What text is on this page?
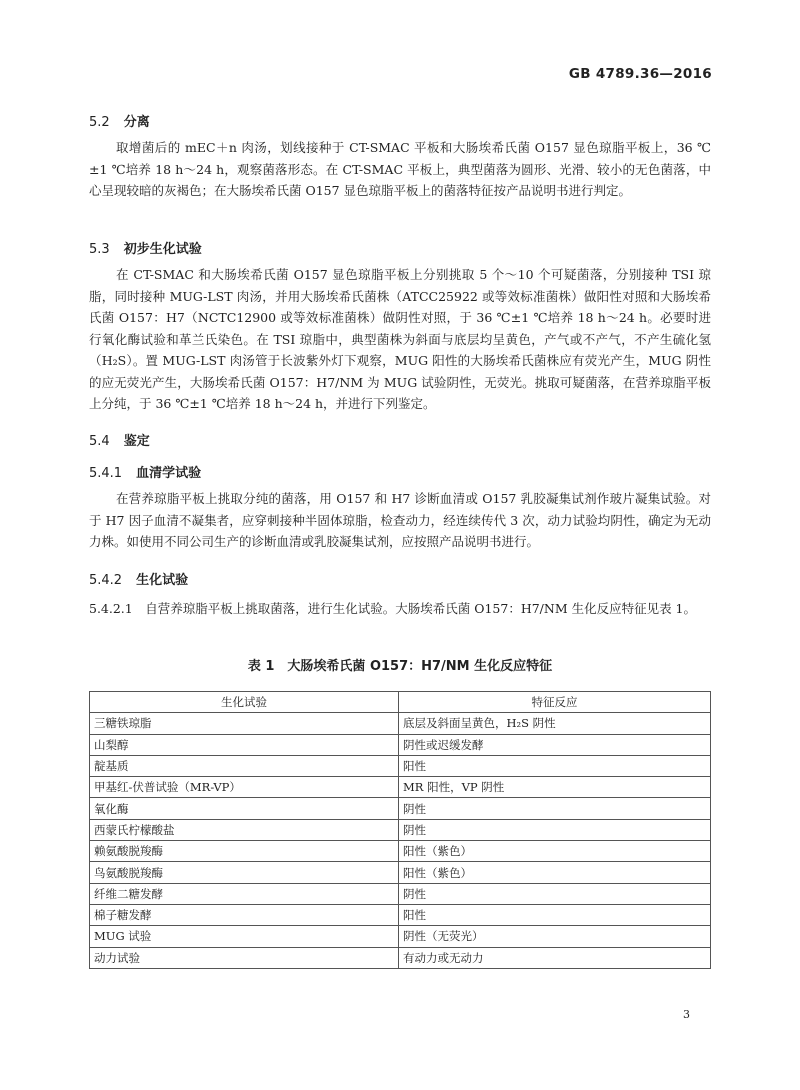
GB 4789.36—2016
5.2 分离
取增菌后的 mEC＋n 肉汤，划线接种于 CT-SMAC 平板和大肠埃希氏菌 O157 显色琼脂平板上，36 ℃±1 ℃培养 18 h～24 h，观察菌落形态。在 CT-SMAC 平板上，典型菌落为圆形、光滑、较小的无色菌落，中心呈现较暗的灰褐色；在大肠埃希氏菌 O157 显色琼脂平板上的菌落特征按产品说明书进行判定。
5.3 初步生化试验
在 CT-SMAC 和大肠埃希氏菌 O157 显色琼脂平板上分别挑取 5 个～10 个可疑菌落，分别接种 TSI 琼脂，同时接种 MUG-LST 肉汤，并用大肠埃希氏菌株（ATCC25922 或等效标准菌株）做阳性对照和大肠埃希氏菌 O157：H7（NCTC12900 或等效标准菌株）做阴性对照，于 36 ℃±1 ℃培养 18 h～24 h。必要时进行氧化酶试验和革兰氏染色。在 TSI 琼脂中，典型菌株为斜面与底层均呈黄色，产气或不产气，不产生硫化氢（H₂S）。置 MUG-LST 肉汤管于长波紫外灯下观察，MUG 阳性的大肠埃希氏菌株应有荧光产生，MUG 阴性的应无荧光产生，大肠埃希氏菌 O157：H7/NM 为 MUG 试验阴性，无荧光。挑取可疑菌落，在营养琼脂平板上分纯，于 36 ℃±1 ℃培养 18 h～24 h，并进行下列鉴定。
5.4 鉴定
5.4.1 血清学试验
在营养琼脂平板上挑取分纯的菌落，用 O157 和 H7 诊断血清或 O157 乳胶凝集试剂作玻片凝集试验。对于 H7 因子血清不凝集者，应穿刺接种半固体琼脂，检查动力，经连续传代 3 次，动力试验均阴性，确定为无动力株。如使用不同公司生产的诊断血清或乳胶凝集试剂，应按照产品说明书进行。
5.4.2 生化试验
5.4.2.1　自营养琼脂平板上挑取菌落，进行生化试验。大肠埃希氏菌 O157：H7/NM 生化反应特征见表 1。
表 1　大肠埃希氏菌 O157：H7/NM 生化反应特征
生化试验	特征反应
三糖铁琼脂	底层及斜面呈黄色，H₂S 阴性
山梨醇	阴性或迟缓发酵
靛基质	阳性
甲基红-伏普试验（MR-VP）	MR 阳性，VP 阴性
氧化酶	阴性
西蒙氏柠檬酸盐	阴性
赖氨酸脱羧酶	阳性（紫色）
鸟氨酸脱羧酶	阳性（紫色）
纤维二糖发酵	阴性
棉子糖发酵	阳性
MUG 试验	阴性（无荧光）
动力试验	有动力或无动力
3
